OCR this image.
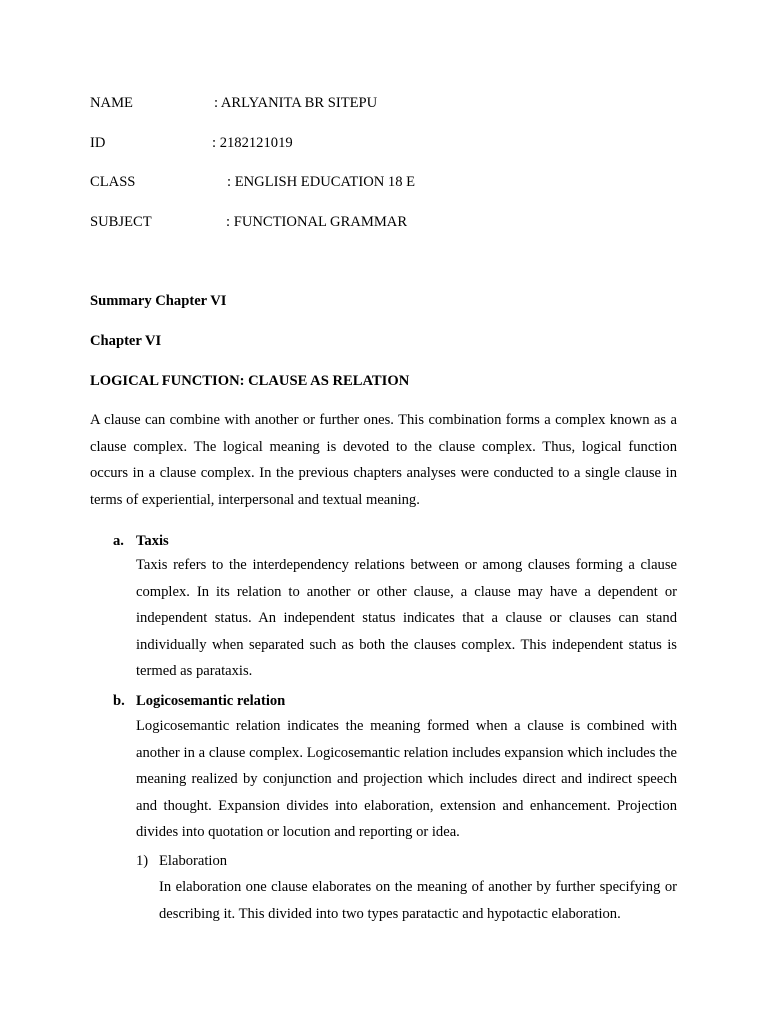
NAME	: ARLYANITA BR SITEPU
ID	: 2182121019
CLASS	: ENGLISH EDUCATION 18 E
SUBJECT	: FUNCTIONAL GRAMMAR
Summary Chapter VI
Chapter VI
LOGICAL FUNCTION: CLAUSE AS RELATION
A clause can combine with another or further ones. This combination forms a complex known as a clause complex. The logical meaning is devoted to the clause complex. Thus, logical function occurs in a clause complex. In the previous chapters analyses were conducted to a single clause in terms of experiential, interpersonal and textual meaning.
a. Taxis
Taxis refers to the interdependency relations between or among clauses forming a clause complex. In its relation to another or other clause, a clause may have a dependent or independent status. An independent status indicates that a clause or clauses can stand individually when separated such as both the clauses complex. This independent status is termed as parataxis.
b. Logicosemantic relation
Logicosemantic relation indicates the meaning formed when a clause is combined with another in a clause complex. Logicosemantic relation includes expansion which includes the meaning realized by conjunction and projection which includes direct and indirect speech and thought. Expansion divides into elaboration, extension and enhancement. Projection divides into quotation or locution and reporting or idea.
1) Elaboration
In elaboration one clause elaborates on the meaning of another by further specifying or describing it. This divided into two types paratactic and hypotactic elaboration.
